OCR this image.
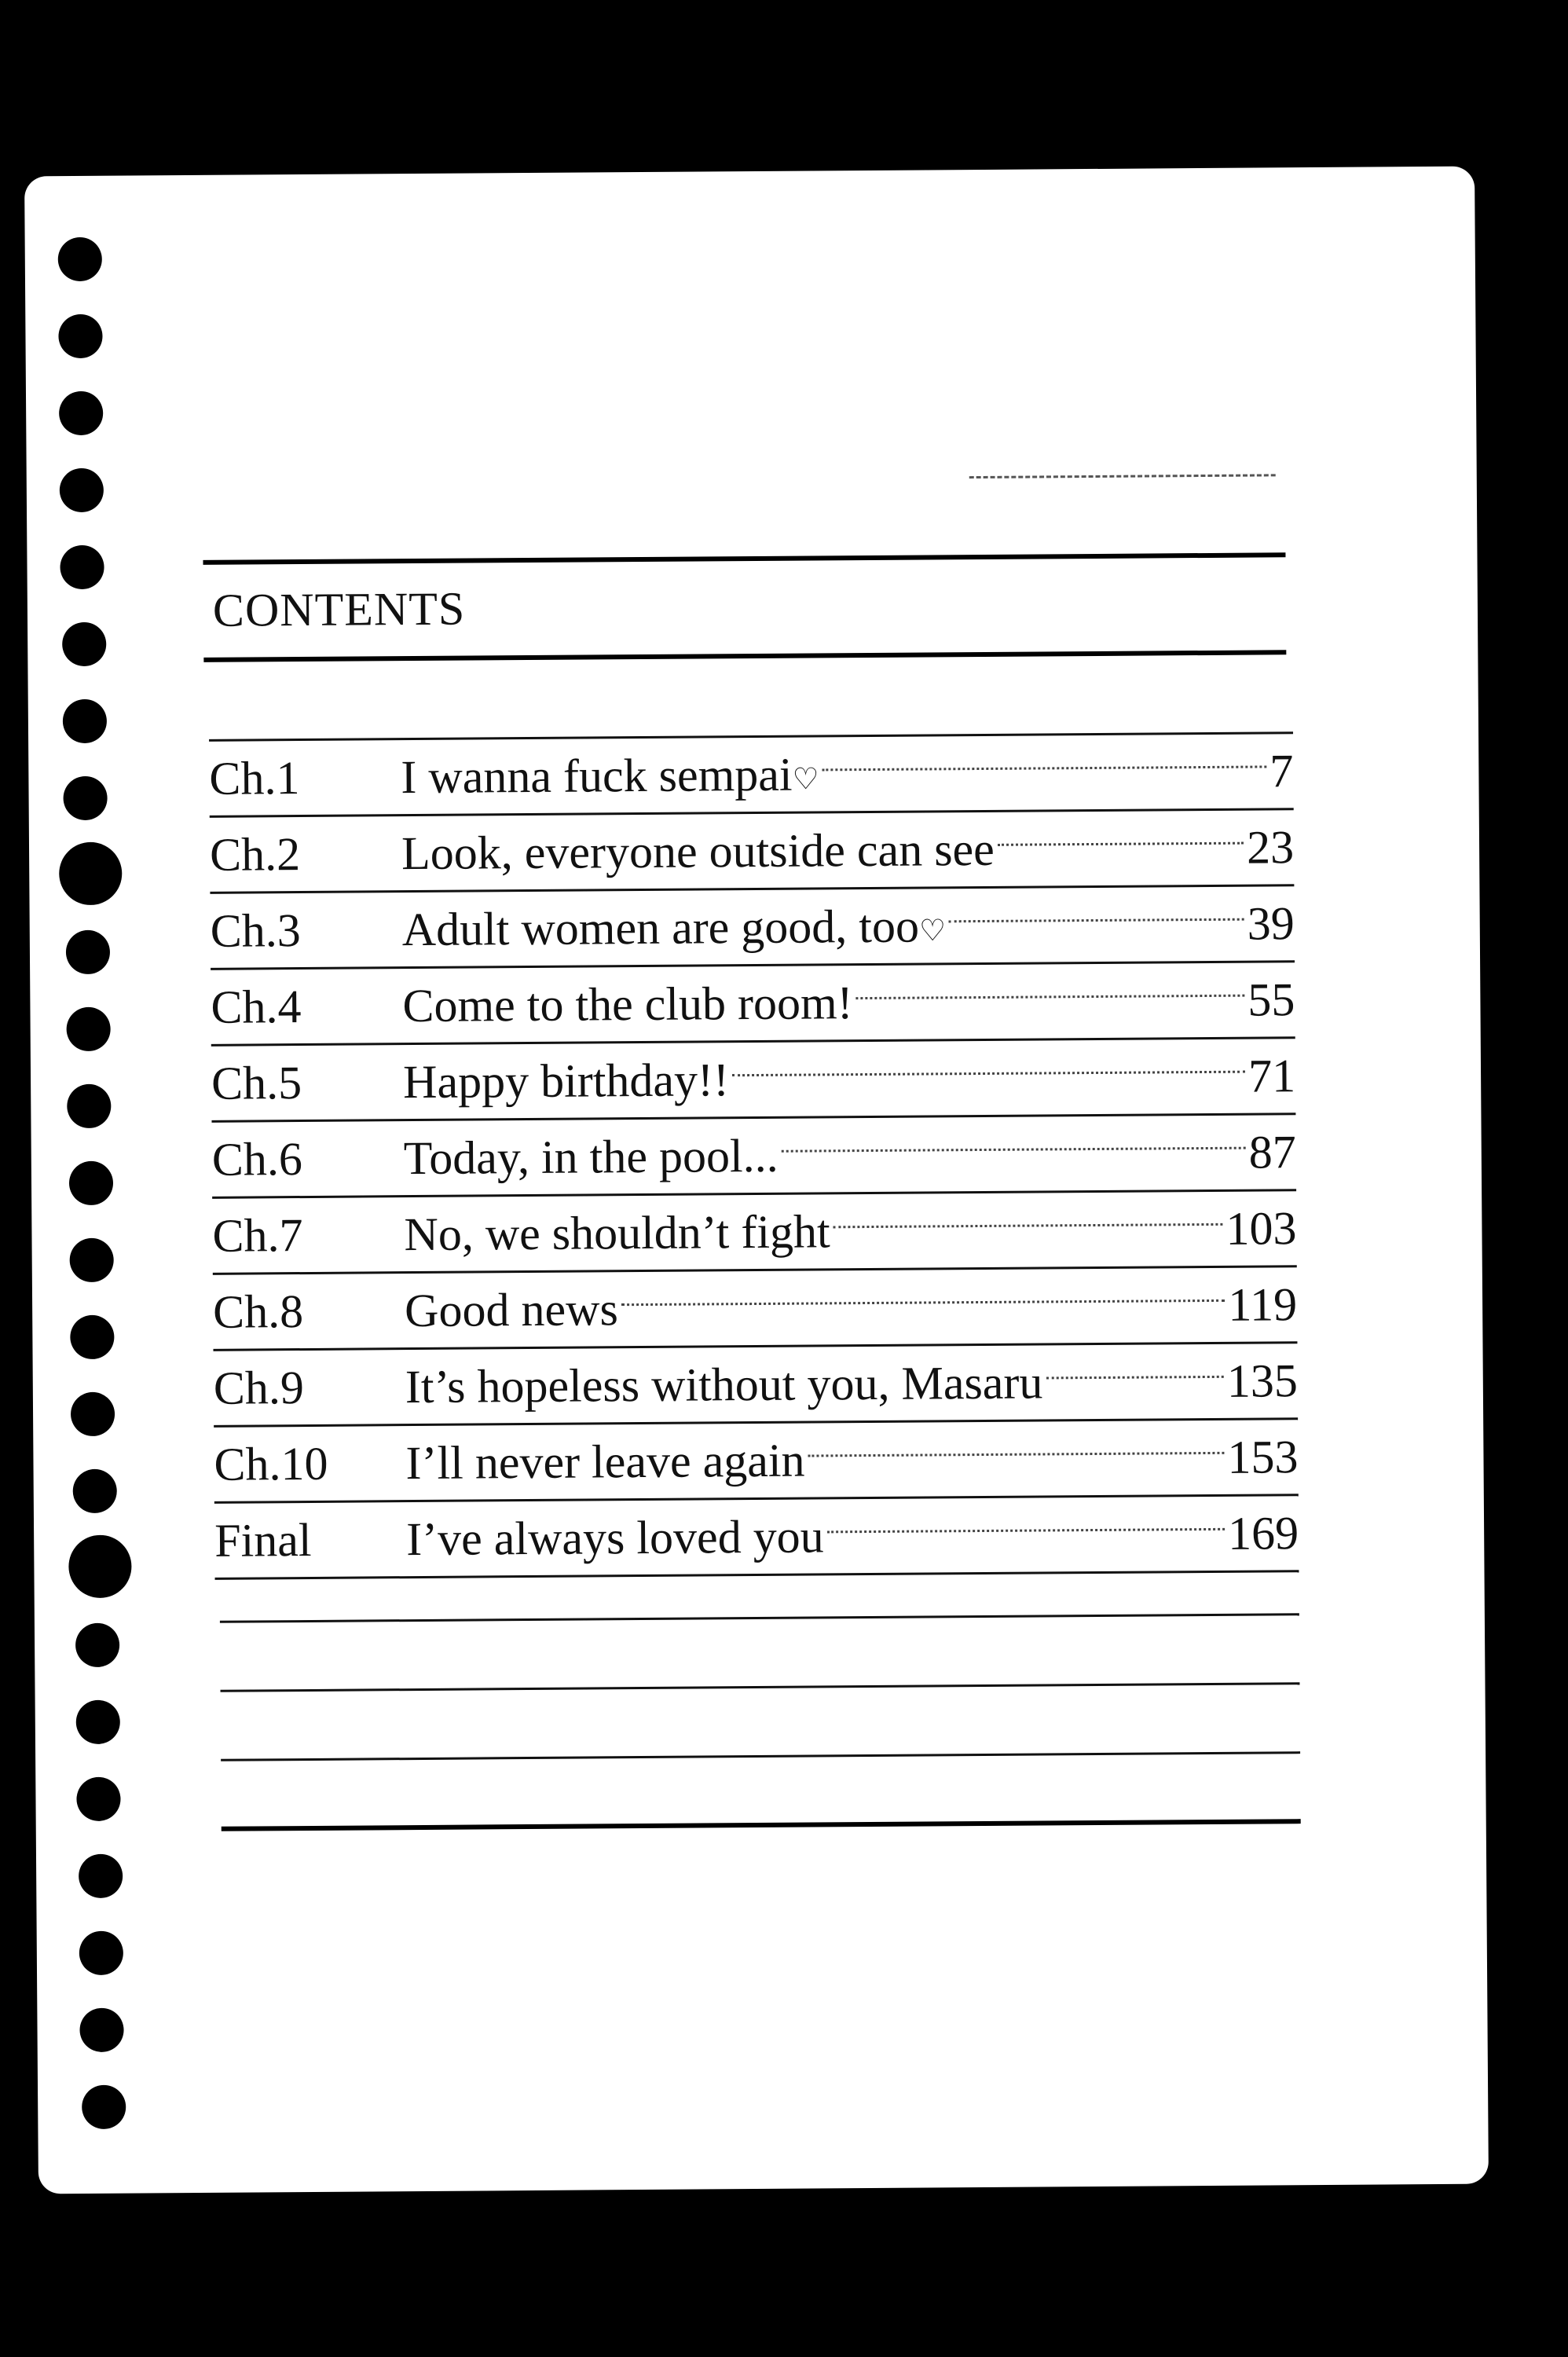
CONTENTS
Ch.1	I wanna fuck sempai♡	7
Ch.2	Look, everyone outside can see	23
Ch.3	Adult women are good, too♡	39
Ch.4	Come to the club room!	55
Ch.5	Happy birthday!!	71
Ch.6	Today, in the pool...	87
Ch.7	No, we shouldn’t fight	103
Ch.8	Good news	119
Ch.9	It’s hopeless without you, Masaru	135
Ch.10	I’ll never leave again	153
Final	I’ve always loved you	169
